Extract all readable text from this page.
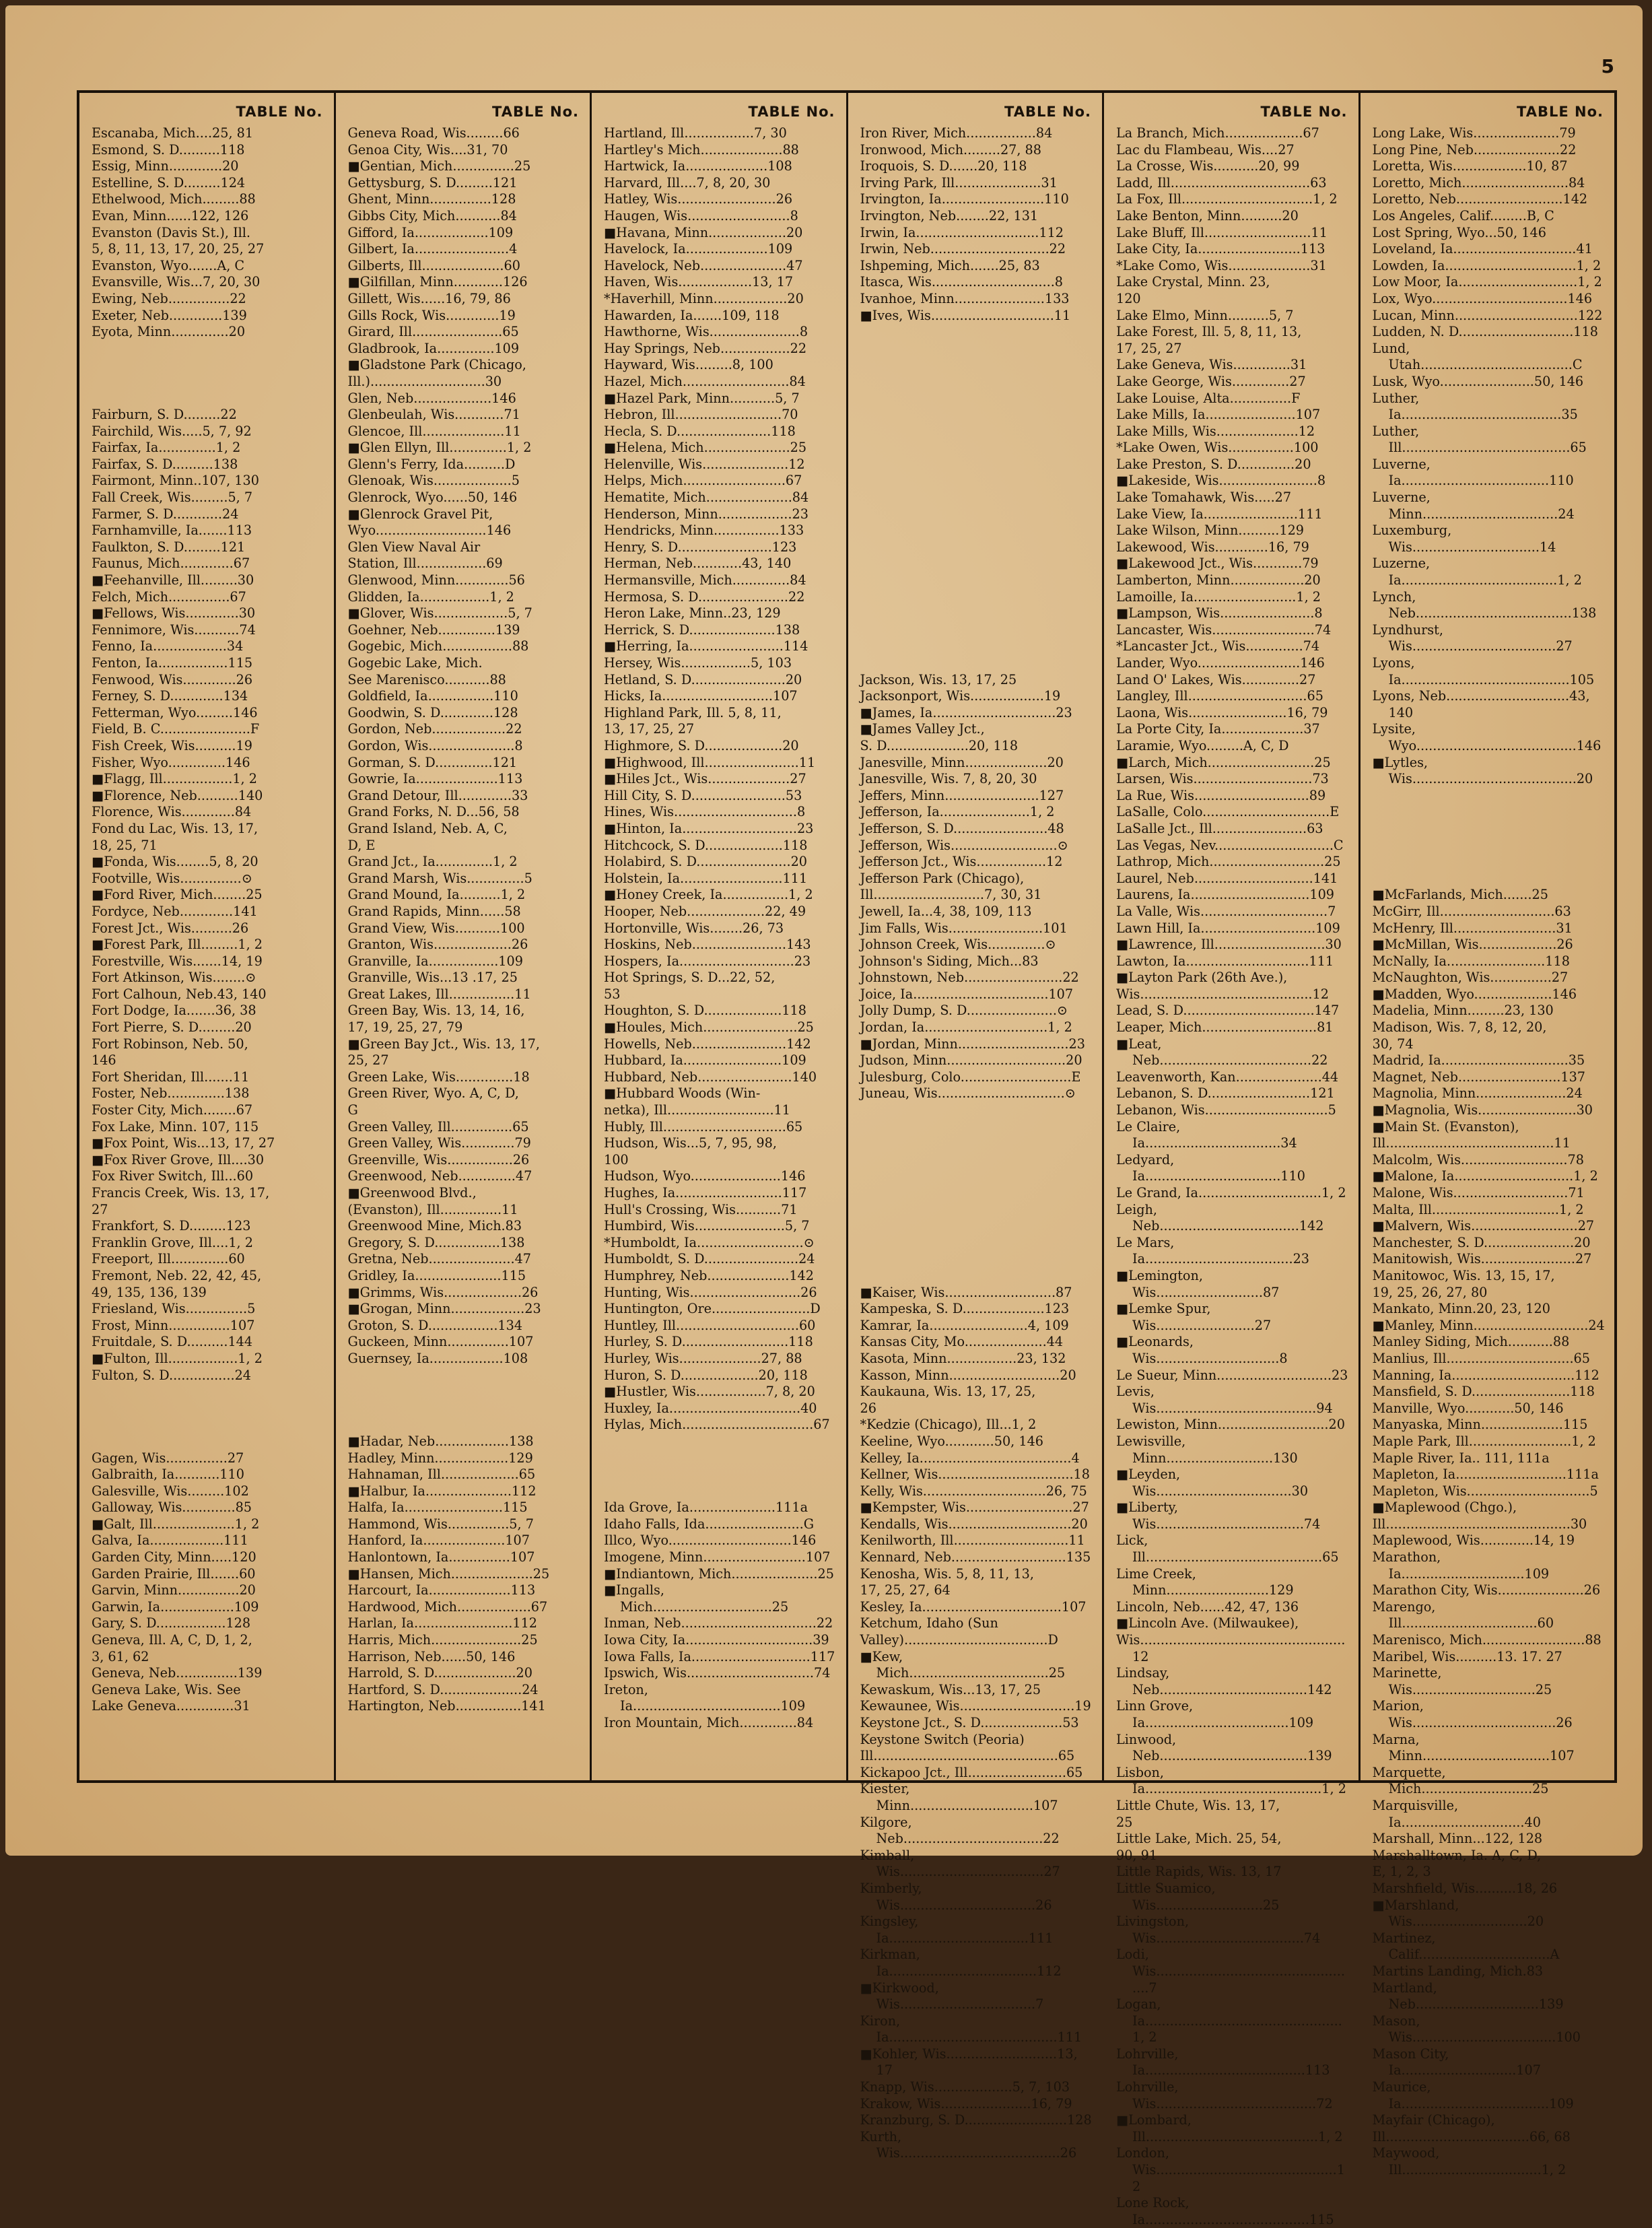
5
TABLE No.
Escanaba, Mich....25, 81
Esmond, S. D..........118
Essig, Minn.............20
Estelline, S. D.........124
Ethelwood, Mich.........88
Evan, Minn......122, 126
Evanston (Davis St.), Ill.
5, 8, 11, 13, 17, 20, 25, 27
Evanston, Wyo.......A, C
Evansville, Wis...7, 20, 30
Ewing, Neb...............22
Exeter, Neb.............139
Eyota, Minn..............20
Fairburn, S. D.........22
Fairchild, Wis.....5, 7, 92
Fairfax, Ia..............1, 2
Fairfax, S. D..........138
Fairmont, Minn..107, 130
Fall Creek, Wis.........5, 7
Farmer, S. D............24
Farnhamville, Ia.......113
Faulkton, S. D.........121
Faunus, Mich.............67
■Feehanville, Ill.........30
Felch, Mich...............67
■Fellows, Wis.............30
Fennimore, Wis...........74
Fenno, Ia..................34
Fenton, Ia.................115
Fenwood, Wis.............26
Ferney, S. D.............134
Fetterman, Wyo.........146
Field, B. C......................F
Fish Creek, Wis..........19
Fisher, Wyo..............146
■Flagg, Ill.................1, 2
■Florence, Neb..........140
Florence, Wis.............84
Fond du Lac, Wis. 13, 17,
18, 25, 71
■Fonda, Wis........5, 8, 20
Footville, Wis...............⊙
■Ford River, Mich........25
Fordyce, Neb.............141
Forest Jct., Wis..........26
■Forest Park, Ill.........1, 2
Forestville, Wis.......14, 19
Fort Atkinson, Wis........⊙
Fort Calhoun, Neb.43, 140
Fort Dodge, Ia.......36, 38
Fort Pierre, S. D.........20
Fort Robinson, Neb. 50,
146
Fort Sheridan, Ill.......11
Foster, Neb..............138
Foster City, Mich........67
Fox Lake, Minn. 107, 115
■Fox Point, Wis...13, 17, 27
■Fox River Grove, Ill....30
Fox River Switch, Ill...60
Francis Creek, Wis. 13, 17,
27
Frankfort, S. D.........123
Franklin Grove, Ill....1, 2
Freeport, Ill..............60
Fremont, Neb. 22, 42, 45,
49, 135, 136, 139
Friesland, Wis...............5
Frost, Minn...............107
Fruitdale, S. D..........144
■Fulton, Ill.................1, 2
Fulton, S. D................24
Gagen, Wis...............27
Galbraith, Ia...........110
Galesville, Wis.........102
Galloway, Wis.............85
■Galt, Ill....................1, 2
Galva, Ia..................111
Garden City, Minn.....120
Garden Prairie, Ill.......60
Garvin, Minn...............20
Garwin, Ia..................109
Gary, S. D.................128
Geneva, Ill. A, C, D, 1, 2,
3, 61, 62
Geneva, Neb...............139
Geneva Lake, Wis. See
Lake Geneva..............31
TABLE No.
Geneva Road, Wis.........66
Genoa City, Wis....31, 70
■Gentian, Mich...............25
Gettysburg, S. D.........121
Ghent, Minn...............128
Gibbs City, Mich...........84
Gifford, Ia..................109
Gilbert, Ia.......................4
Gilberts, Ill....................60
■Gilfillan, Minn............126
Gillett, Wis......16, 79, 86
Gills Rock, Wis.............19
Girard, Ill......................65
Gladbrook, Ia..............109
■Gladstone Park (Chicago,
Ill.)............................30
Glen, Neb...................146
Glenbeulah, Wis............71
Glencoe, Ill....................11
■Glen Ellyn, Ill..............1, 2
Glenn's Ferry, Ida..........D
Glenoak, Wis...................5
Glenrock, Wyo......50, 146
■Glenrock Gravel Pit,
Wyo...........................146
Glen View Naval Air
Station, Ill.................69
Glenwood, Minn.............56
Glidden, Ia.................1, 2
■Glover, Wis..................5, 7
Goehner, Neb..............139
Gogebic, Mich.................88
Gogebic Lake, Mich.
See Marenisco...........88
Goldfield, Ia................110
Goodwin, S. D.............128
Gordon, Neb..................22
Gordon, Wis.....................8
Gorman, S. D..............121
Gowrie, Ia....................113
Grand Detour, Ill.............33
Grand Forks, N. D...56, 58
Grand Island, Neb. A, C,
D, E
Grand Jct., Ia..............1, 2
Grand Marsh, Wis..............5
Grand Mound, Ia..........1, 2
Grand Rapids, Minn......58
Grand View, Wis...........100
Granton, Wis...................26
Granville, Ia.................109
Granville, Wis...13 .17, 25
Great Lakes, Ill................11
Green Bay, Wis. 13, 14, 16,
17, 19, 25, 27, 79
■Green Bay Jct., Wis. 13, 17,
25, 27
Green Lake, Wis..............18
Green River, Wyo. A, C, D,
G
Green Valley, Ill...............65
Green Valley, Wis.............79
Greenville, Wis................26
Greenwood, Neb..............47
■Greenwood Blvd.,
(Evanston), Ill...............11
Greenwood Mine, Mich.83
Gregory, S. D................138
Gretna, Neb.....................47
Gridley, Ia.....................115
■Grimms, Wis...................26
■Grogan, Minn..................23
Groton, S. D.................134
Guckeen, Minn...............107
Guernsey, Ia..................108
■Hadar, Neb..................138
Hadley, Minn..................129
Hahnaman, Ill...................65
■Halbur, Ia.....................112
Halfa, Ia........................115
Hammond, Wis...............5, 7
Hanford, Ia....................107
Hanlontown, Ia...............107
■Hansen, Mich....................25
Harcourt, Ia....................113
Hardwood, Mich..................67
Harlan, Ia........................112
Harris, Mich......................25
Harrison, Neb......50, 146
Harrold, S. D....................20
Hartford, S. D....................24
Hartington, Neb................141
TABLE No.
Hartland, Ill.................7, 30
Hartley's Mich....................88
Hartwick, Ia....................108
Harvard, Ill....7, 8, 20, 30
Hatley, Wis........................26
Haugen, Wis.........................8
■Havana, Minn...................20
Havelock, Ia....................109
Havelock, Neb.....................47
Haven, Wis..................13, 17
*Haverhill, Minn..................20
Hawarden, Ia.......109, 118
Hawthorne, Wis......................8
Hay Springs, Neb.................22
Hayward, Wis.........8, 100
Hazel, Mich..........................84
■Hazel Park, Minn...........5, 7
Hebron, Ill..........................70
Hecla, S. D.......................118
■Helena, Mich.....................25
Helenville, Wis.....................12
Helps, Mich.........................67
Hematite, Mich.....................84
Henderson, Minn..................23
Hendricks, Minn................133
Henry, S. D.......................123
Herman, Neb............43, 140
Hermansville, Mich..............84
Hermosa, S. D......................22
Heron Lake, Minn..23, 129
Herrick, S. D.....................138
■Herring, Ia.......................114
Hersey, Wis.................5, 103
Hetland, S. D.......................20
Hicks, Ia...........................107
Highland Park, Ill. 5, 8, 11,
13, 17, 25, 27
Highmore, S. D...................20
■Highwood, Ill.......................11
■Hiles Jct., Wis....................27
Hill City, S. D.......................53
Hines, Wis..............................8
■Hinton, Ia............................23
Hitchcock, S. D...................118
Holabird, S. D.......................20
Holstein, Ia.........................111
■Honey Creek, Ia................1, 2
Hooper, Neb...................22, 49
Hortonville, Wis........26, 73
Hoskins, Neb.......................143
Hospers, Ia............................23
Hot Springs, S. D...22, 52,
53
Houghton, S. D...................118
■Houles, Mich.......................25
Howells, Neb.......................142
Hubbard, Ia........................109
Hubbard, Neb.......................140
■Hubbard Woods (Win-
netka), Ill..........................11
Hubly, Ill..............................65
Hudson, Wis...5, 7, 95, 98,
100
Hudson, Wyo......................146
Hughes, Ia..........................117
Hull's Crossing, Wis...........71
Humbird, Wis......................5, 7
*Humboldt, Ia..........................⊙
Humboldt, S. D.......................24
Humphrey, Neb....................142
Hunting, Wis...........................26
Huntington, Ore........................D
Huntley, Ill..............................60
Hurley, S. D..........................118
Hurley, Wis....................27, 88
Huron, S. D...................20, 118
■Hustler, Wis.................7, 8, 20
Huxley, Ia................................40
Hylas, Mich................................67
Ida Grove, Ia.....................111a
Idaho Falls, Ida........................G
Illco, Wyo..............................146
Imogene, Minn.........................107
■Indiantown, Mich.....................25
■Ingalls, Mich.............................25
Inman, Neb.................................22
Iowa City, Ia...............................39
Iowa Falls, Ia.............................117
Ipswich, Wis...............................74
Ireton, Ia....................................109
Iron Mountain, Mich..............84
TABLE No.
Iron River, Mich.................84
Ironwood, Mich.........27, 88
Iroquois, S. D.......20, 118
Irving Park, Ill.....................31
Irvington, Ia.........................110
Irvington, Neb........22, 131
Irwin, Ia..............................112
Irwin, Neb.............................22
Ishpeming, Mich.......25, 83
Itasca, Wis..............................8
Ivanhoe, Minn......................133
■Ives, Wis..............................11
Jackson, Wis. 13, 17, 25
Jacksonport, Wis..................19
■James, Ia..............................23
■James Valley Jct.,
S. D....................20, 118
Janesville, Minn....................20
Janesville, Wis. 7, 8, 20, 30
Jeffers, Minn.......................127
Jefferson, Ia......................1, 2
Jefferson, S. D.......................48
Jefferson, Wis..........................⊙
Jefferson Jct., Wis.................12
Jefferson Park (Chicago),
Ill...........................7, 30, 31
Jewell, Ia...4, 38, 109, 113
Jim Falls, Wis.......................101
Johnson Creek, Wis..............⊙
Johnson's Siding, Mich...83
Johnstown, Neb........................22
Joice, Ia.................................107
Jolly Dump, S. D......................⊙
Jordan, Ia..............................1, 2
■Jordan, Minn...........................23
Judson, Minn.............................20
Julesburg, Colo...........................E
Juneau, Wis...............................⊙
■Kaiser, Wis...........................87
Kampeska, S. D....................123
Kamrar, Ia........................4, 109
Kansas City, Mo....................44
Kasota, Minn.................23, 132
Kasson, Minn...........................20
Kaukauna, Wis. 13, 17, 25,
26
*Kedzie (Chicago), Ill...1, 2
Keeline, Wyo............50, 146
Kelley, Ia.....................................4
Kellner, Wis.................................18
Kelly, Wis..............................26, 75
■Kempster, Wis..........................27
Kendalls, Wis..............................20
Kenilworth, Ill............................11
Kennard, Neb............................135
Kenosha, Wis. 5, 8, 11, 13,
17, 25, 27, 64
Kesley, Ia..................................107
Ketchum, Idaho (Sun
Valley)...................................D
■Kew, Mich..................................25
Kewaskum, Wis...13, 17, 25
Kewaunee, Wis............................19
Keystone Jct., S. D....................53
Keystone Switch (Peoria)
Ill.............................................65
Kickapoo Jct., Ill........................65
Kiester, Minn..............................107
Kilgore, Neb..................................22
Kimball, Wis...................................27
Kimberly, Wis.................................26
Kingsley, Ia..................................111
Kirkman, Ia....................................112
■Kirkwood, Wis.................................7
Kiron, Ia.........................................111
■Kohler, Wis...........................13, 17
Knapp, Wis...................5, 7, 103
Krakow, Wis......................16, 79
Kranzburg, S. D.........................128
Kurth, Wis.......................................26
TABLE No.
La Branch, Mich...................67
Lac du Flambeau, Wis....27
La Crosse, Wis...........20, 99
Ladd, Ill..................................63
La Fox, Ill................................1, 2
Lake Benton, Minn..........20
Lake Bluff, Ill..........................11
Lake City, Ia.........................113
*Lake Como, Wis....................31
Lake Crystal, Minn. 23,
120
Lake Elmo, Minn..........5, 7
Lake Forest, Ill. 5, 8, 11, 13,
17, 25, 27
Lake Geneva, Wis..............31
Lake George, Wis..............27
Lake Louise, Alta...............F
Lake Mills, Ia......................107
Lake Mills, Wis....................12
*Lake Owen, Wis................100
Lake Preston, S. D..............20
■Lakeside, Wis........................8
Lake Tomahawk, Wis.....27
Lake View, Ia.......................111
Lake Wilson, Minn..........129
Lakewood, Wis.............16, 79
■Lakewood Jct., Wis............79
Lamberton, Minn..................20
Lamoille, Ia.........................1, 2
■Lampson, Wis.......................8
Lancaster, Wis.........................74
*Lancaster Jct., Wis..............74
Lander, Wyo.........................146
Land O' Lakes, Wis..............27
Langley, Ill.............................65
Laona, Wis........................16, 79
La Porte City, Ia....................37
Laramie, Wyo.........A, C, D
■Larch, Mich..........................25
Larsen, Wis.............................73
La Rue, Wis............................89
LaSalle, Colo...............................E
LaSalle Jct., Ill.......................63
Las Vegas, Nev.............................C
Lathrop, Mich............................25
Laurel, Neb.............................141
Laurens, Ia.............................109
La Valle, Wis...............................7
Lawn Hill, Ia............................109
■Lawrence, Ill...........................30
Lawton, Ia..............................111
■Layton Park (26th Ave.),
Wis..........................................12
Lead, S. D................................147
Leaper, Mich............................81
■Leat, Neb.....................................22
Leavenworth, Kan.....................44
Lebanon, S. D.........................121
Lebanon, Wis..............................5
Le Claire, Ia.................................34
Ledyard, Ia.................................110
Le Grand, Ia..............................1, 2
Leigh, Neb..................................142
Le Mars, Ia....................................23
■Lemington, Wis..........................87
■Lemke Spur, Wis........................27
■Leonards, Wis..............................8
Le Sueur, Minn............................23
Levis, Wis.......................................94
Lewiston, Minn...........................20
Lewisville, Minn..........................130
■Leyden, Wis.................................30
■Liberty, Wis....................................74
Lick, Ill...........................................65
Lime Creek, Minn.........................129
Lincoln, Neb......42, 47, 136
■Lincoln Ave. (Milwaukee),
Wis..................................................12
Lindsay, Neb....................................142
Linn Grove, Ia...................................109
Linwood, Neb....................................139
Lisbon, Ia...........................................1, 2
Little Chute, Wis. 13, 17,
25
Little Lake, Mich. 25, 54,
90, 91
Little Rapids, Wis. 13, 17
Little Suamico, Wis..........................25
Livingston, Wis....................................74
Lodi, Wis..................................................7
Logan, Ia................................................1, 2
Lohrville, Ia.......................................113
Lohrville, Wis.......................................72
■Lombard, Ill..........................................1, 2
London, Wis............................................12
Lone Rock, Ia........................................115
TABLE No.
Long Lake, Wis.....................79
Long Pine, Neb.....................22
Loretta, Wis..................10, 87
Loretto, Mich..........................84
Loretto, Neb..........................142
Los Angeles, Calif.........B, C
Lost Spring, Wyo...50, 146
Loveland, Ia..............................41
Lowden, Ia................................1, 2
Low Moor, Ia.............................1, 2
Lox, Wyo.................................146
Lucan, Minn..............................122
Ludden, N. D............................118
Lund, Utah.....................................C
Lusk, Wyo.......................50, 146
Luther, Ia.......................................35
Luther, Ill.........................................65
Luverne, Ia....................................110
Luverne, Minn.................................24
Luxemburg, Wis...............................14
Luzerne, Ia......................................1, 2
Lynch, Neb......................................138
Lyndhurst, Wis...................................27
Lyons, Ia.........................................105
Lyons, Neb..............................43, 140
Lysite, Wyo.......................................146
■Lytles, Wis........................................20
■McFarlands, Mich.......25
McGirr, Ill............................63
McHenry, Ill.........................31
■McMillan, Wis...................26
McNally, Ia........................118
McNaughton, Wis...............27
■Madden, Wyo...................146
Madelia, Minn.........23, 130
Madison, Wis. 7, 8, 12, 20,
30, 74
Madrid, Ia...............................35
Magnet, Neb.........................137
Magnolia, Minn......................24
■Magnolia, Wis........................30
■Main St. (Evanston),
Ill.........................................11
Malcolm, Wis..........................78
■Malone, Ia.............................1, 2
Malone, Wis............................71
Malta, Ill...............................1, 2
■Malvern, Wis..........................27
Manchester, S. D......................20
Manitowish, Wis.......................27
Manitowoc, Wis. 13, 15, 17,
19, 25, 26, 27, 80
Mankato, Minn.20, 23, 120
■Manley, Minn............................24
Manley Siding, Mich...........88
Manlius, Ill...............................65
Manning, Ia..............................112
Mansfield, S. D........................118
Manville, Wyo............50, 146
Manyaska, Minn....................115
Maple Park, Ill.........................1, 2
Maple River, Ia.. 111, 111a
Mapleton, Ia...........................111a
Mapleton, Wis..............................5
■Maplewood (Chgo.),
Ill.............................................30
Maplewood, Wis.............14, 19
Marathon, Ia..............................109
Marathon City, Wis.....................26
Marengo, Ill.................................60
Marenisco, Mich.........................88
Maribel, Wis..........13. 17. 27
Marinette, Wis..............................25
Marion, Wis...................................26
Marna, Minn...............................107
Marquette, Mich...........................25
Marquisville, Ia..............................40
Marshall, Minn...122, 128
Marshalltown, Ia. A, C, D,
E, 1, 2, 3
Marshfield, Wis..........18, 26
■Marshland, Wis............................20
Martinez, Calif................................A
Martins Landing, Mich.83
Martland, Neb..............................139
Mason, Wis...................................100
Mason City, Ia............................107
Maurice, Ia....................................109
Mayfair (Chicago),
Ill...................................66, 68
Maywood, Ill..................................1, 2
